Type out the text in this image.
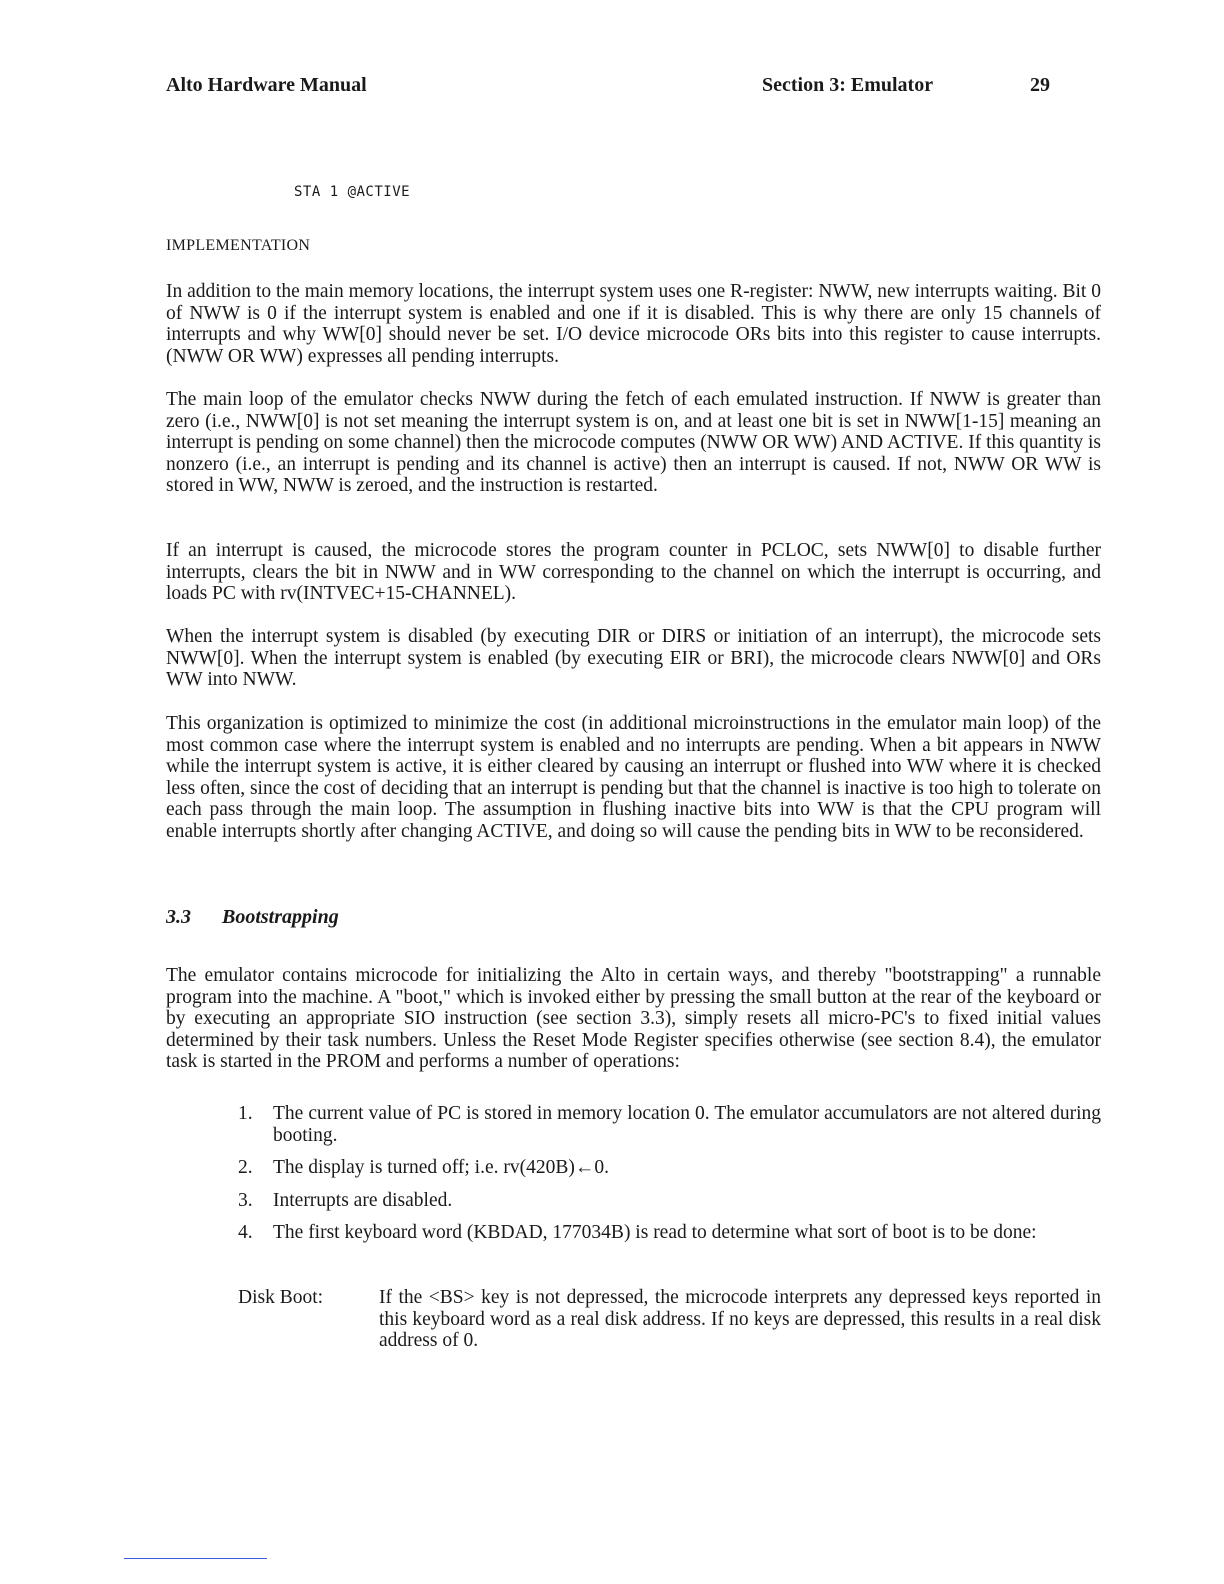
Alto Hardware Manual	Section 3: Emulator	29
STA 1 @ACTIVE
IMPLEMENTATION

In addition to the main memory locations, the interrupt system uses one R-register: NWW, new interrupts waiting. Bit 0 of NWW is 0 if the interrupt system is enabled and one if it is disabled. This is why there are only 15 channels of interrupts and why WW[0] should never be set. I/O device microcode ORs bits into this register to cause interrupts. (NWW OR WW) expresses all pending interrupts.

The main loop of the emulator checks NWW during the fetch of each emulated instruction. If NWW is greater than zero (i.e., NWW[0] is not set meaning the interrupt system is on, and at least one bit is set in NWW[1-15] meaning an interrupt is pending on some channel) then the microcode computes (NWW OR WW) AND ACTIVE. If this quantity is nonzero (i.e., an interrupt is pending and its channel is active) then an interrupt is caused. If not, NWW OR WW is stored in WW, NWW is zeroed, and the instruction is restarted.

If an interrupt is caused, the microcode stores the program counter in PCLOC, sets NWW[0] to disable further interrupts, clears the bit in NWW and in WW corresponding to the channel on which the interrupt is occurring, and loads PC with rv(INTVEC+15-CHANNEL).

When the interrupt system is disabled (by executing DIR or DIRS or initiation of an interrupt), the microcode sets NWW[0]. When the interrupt system is enabled (by executing EIR or BRI), the microcode clears NWW[0] and ORs WW into NWW.

This organization is optimized to minimize the cost (in additional microinstructions in the emulator main loop) of the most common case where the interrupt system is enabled and no interrupts are pending. When a bit appears in NWW while the interrupt system is active, it is either cleared by causing an interrupt or flushed into WW where it is checked less often, since the cost of deciding that an interrupt is pending but that the channel is inactive is too high to tolerate on each pass through the main loop. The assumption in flushing inactive bits into WW is that the CPU program will enable interrupts shortly after changing ACTIVE, and doing so will cause the pending bits in WW to be reconsidered.

3.3 Bootstrapping

The emulator contains microcode for initializing the Alto in certain ways, and thereby "bootstrapping" a runnable program into the machine. A "boot," which is invoked either by pressing the small button at the rear of the keyboard or by executing an appropriate SIO instruction (see section 3.3), simply resets all micro-PC's to fixed initial values determined by their task numbers. Unless the Reset Mode Register specifies otherwise (see section 8.4), the emulator task is started in the PROM and performs a number of operations:

1. The current value of PC is stored in memory location 0. The emulator accumulators are not altered during booting.
2. The display is turned off; i.e. rv(420B)←0.
3. Interrupts are disabled.
4. The first keyboard word (KBDAD, 177034B) is read to determine what sort of boot is to be done:
Disk Boot:	If the <BS> key is not depressed, the microcode interprets any depressed keys reported in this keyboard word as a real disk address. If no keys are depressed, this results in a real disk address of 0.
